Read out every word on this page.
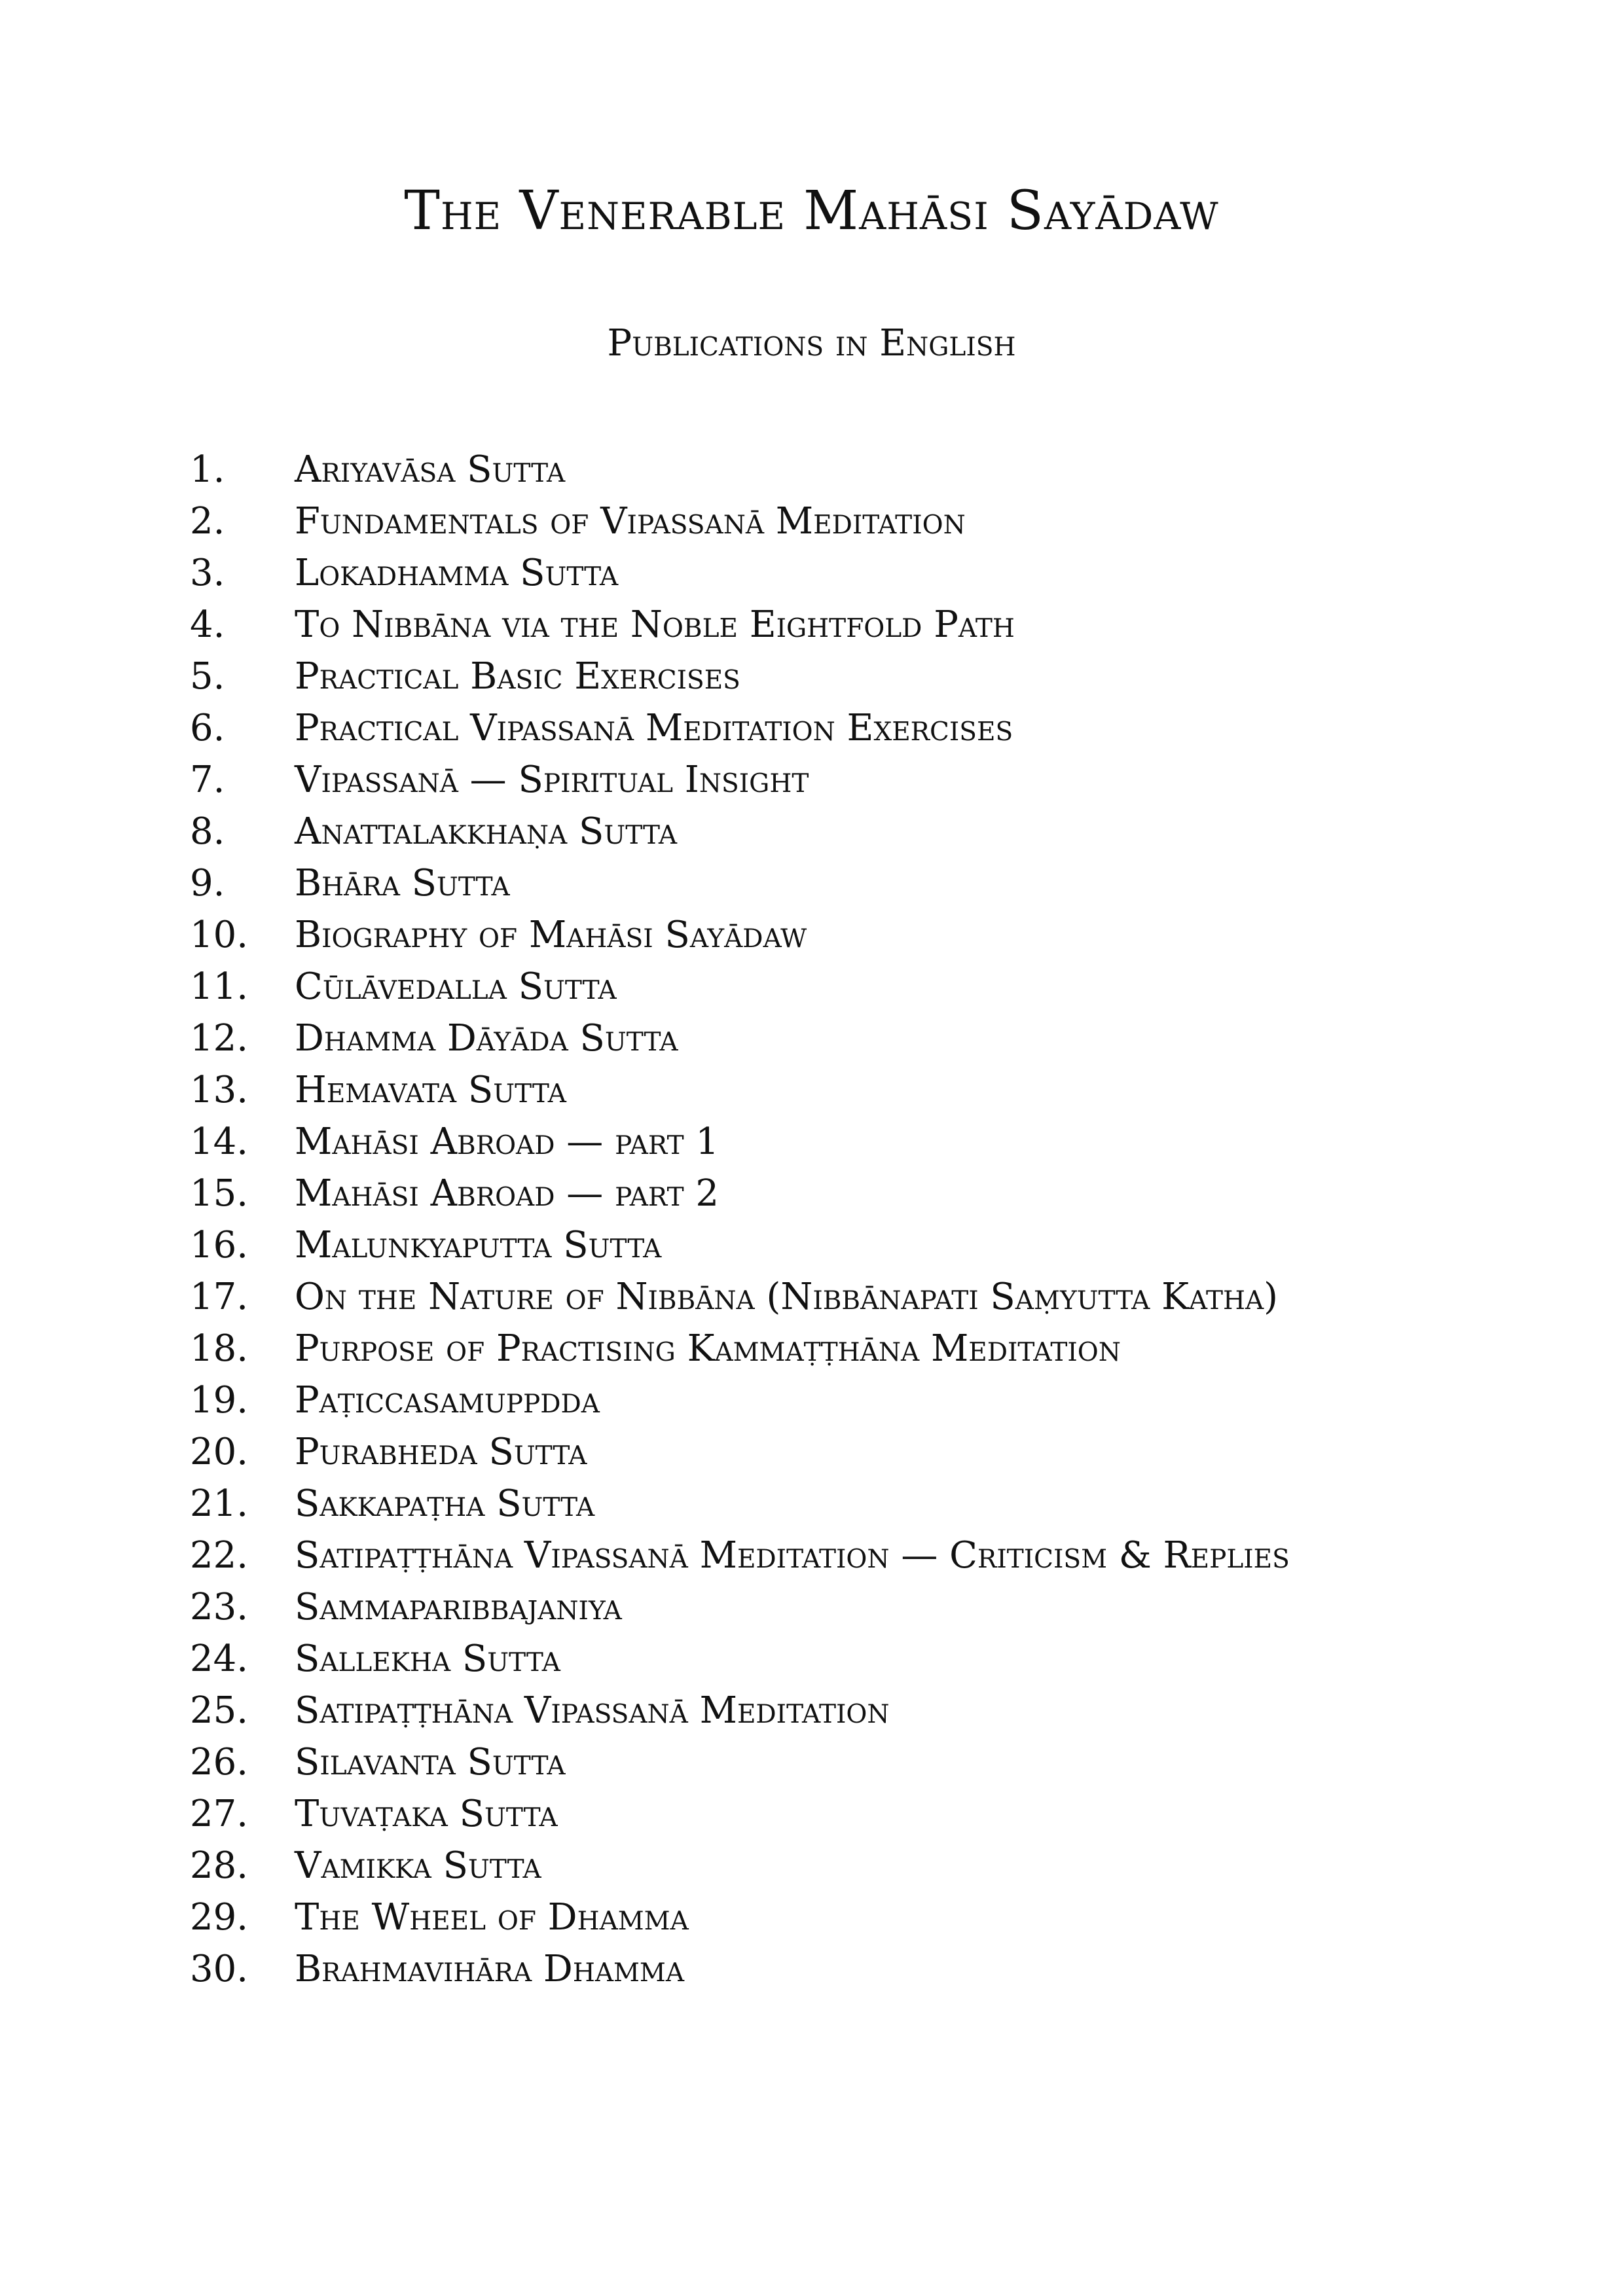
The Venerable Mahāsi Sayādaw
Publications in English
1.	Ariyavāsa Sutta
2.	Fundamentals of Vipassanā Meditation
3.	Lokadhamma Sutta
4.	To Nibbāna via the Noble Eightfold Path
5.	Practical Basic Exercises
6.	Practical Vipassanā Meditation Exercises
7.	Vipassanā — Spiritual Insight
8.	Anattalakkhaṇa Sutta
9.	Bhāra Sutta
10.	Biography of Mahāsi Sayādaw
11.	Cūlāvedalla Sutta
12.	Dhamma Dāyāda Sutta
13.	Hemavata Sutta
14.	Mahāsi Abroad — part 1
15.	Mahāsi Abroad — part 2
16.	Malunkyaputta Sutta
17.	On the Nature of Nibbāna (Nibbānapati Saṃyutta Katha)
18.	Purpose of Practising Kammaṭṭhāna Meditation
19.	Paṭiccasamuppdda
20.	Purabheda Sutta
21.	Sakkapaṭha Sutta
22.	Satipaṭṭhāna Vipassanā Meditation — Criticism & Replies
23.	Sammaparibbajaniya
24.	Sallekha Sutta
25.	Satipaṭṭhāna Vipassanā Meditation
26.	Silavanta Sutta
27.	Tuvaṭaka Sutta
28.	Vamikka Sutta
29.	The Wheel of Dhamma
30.	Brahmavihāra Dhamma
